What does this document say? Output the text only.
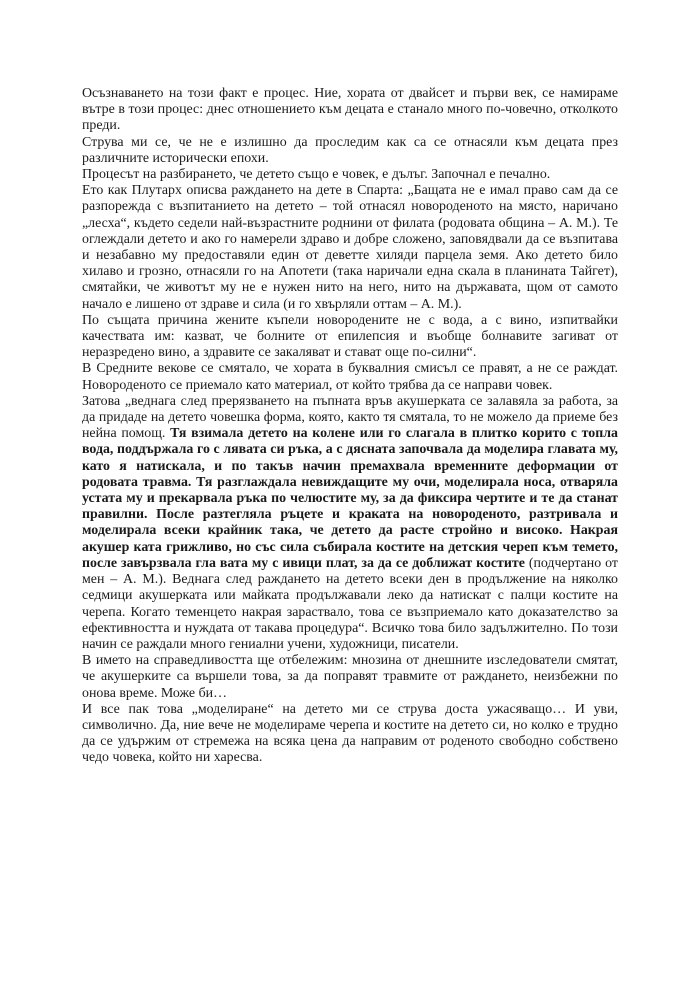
Осъзнаването на този факт е процес. Ние, хората от двайсет и първи век, се намираме вътре в този процес: днес отношението към децата е станало много по-човечно, отколкото преди.

Струва ми се, че не е излишно да проследим как са се отнасяли към децата през различните исторически епохи.

Процесът на разбирането, че детето също е човек, е дълъг. Започнал е печално.

Ето как Плутарх описва раждането на дете в Спарта: „Бащата не е имал право сам да се разпорежда с възпитанието на детето – той отнасял новороденото на място, наричано „лесха“, където седели най-възрастните роднини от филата (родовата община – А. М.). Те оглеждали детето и ако го намерели здраво и добре сложено, заповядвали да се възпитава и незабавно му предоставяли един от деветте хиляди парцела земя. Ако детето било хилаво и грозно, отнасяли го на Апотети (така наричали една скала в планината Тайгет), смятайки, че животът му не е нужен нито на него, нито на държавата, щом от самото начало е лишено от здраве и сила (и го хвърляли оттам – А. М.).

По същата причина жените къпели новородените не с вода, а с вино, изпитвайки качествата им: казват, че болните от епилепсия и въобще болнавите загиват от неразредено вино, а здравите се закаляват и стават още по-силни“.

В Средните векове се смятало, че хората в буквалния смисъл се правят, а не се раждат. Новороденото се приемало като материал, от който трябва да се направи човек.

Затова „веднага след прерязването на пъпната връв акушерката се залавяла за работа, за да придаде на детето човешка форма, която, както тя смятала, то не можело да приеме без нейна помощ. Тя взимала детето на колене или го слагала в плитко корито с топла вода, поддържала го с лявата си ръка, а с дясната започвала да моделира главата му, като я натискала, и по такъв начин премахвала временните деформации от родовата травма. Тя разглаждала невиждащите му очи, моделирала носа, отваряла устата му и прекарвала ръка по челюстите му, за да фиксира чертите и те да станат правилни. После разтегляла ръцете и краката на новороденото, разтривала и моделирала всеки крайник така, че детето да расте стройно и високо. Накрая акушер ката грижливо, но със сила събирала костите на детския череп към темето, после завързвала гла вата му с ивици плат, за да се доближат костите (подчертано от мен – А. М.). Веднага след раждането на детето всеки ден в продължение на няколко седмици акушерката или майката продължавали леко да натискат с палци костите на черепа. Когато теменцето накрая зараствало, това се възприемало като доказателство за ефективността и нуждата от такава процедура“. Всичко това било задължително. По този начин се раждали много гениални учени, художници, писатели.

В името на справедливостта ще отбележим: мнозина от днешните изследователи смятат, че акушерките са вършели това, за да поправят травмите от раждането, неизбежни по онова време. Може би…

И все пак това „моделиране“ на детето ми се струва доста ужасяващо… И уви, символично. Да, ние вече не моделираме черепа и костите на детето си, но колко е трудно да се удържим от стремежа на всяка цена да направим от роденото свободно собствено чедо човека, който ни харесва.
